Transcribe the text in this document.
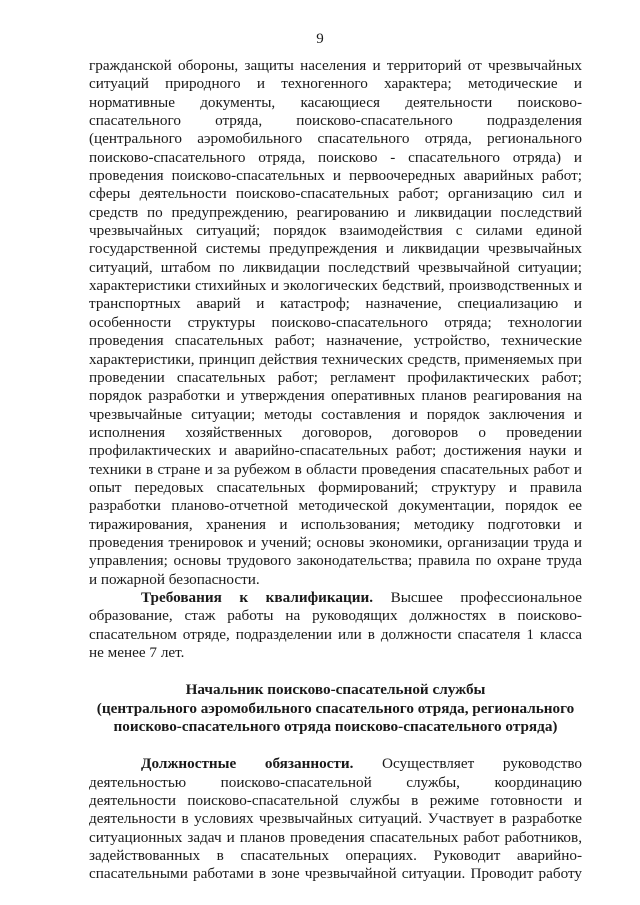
9
гражданской обороны, защиты населения и территорий от чрезвычайных
ситуаций природного и техногенного характера; методические и
нормативные документы, касающиеся деятельности поисково-
спасательного отряда, поисково-спасательного подразделения
(центрального аэромобильного спасательного отряда, регионального
поисково-спасательного отряда, поисково - спасательного отряда) и
проведения поисково-спасательных и первоочередных аварийных работ;
сферы деятельности поисково-спасательных работ; организацию сил и
средств по предупреждению, реагированию и ликвидации последствий
чрезвычайных ситуаций; порядок взаимодействия с силами единой
государственной системы предупреждения и ликвидации чрезвычайных
ситуаций, штабом по ликвидации последствий чрезвычайной ситуации;
характеристики стихийных и экологических бедствий, производственных и
транспортных аварий и катастроф; назначение, специализацию и
особенности структуры поисково-спасательного отряда; технологии
проведения спасательных работ; назначение, устройство, технические
характеристики, принцип действия технических средств, применяемых при
проведении спасательных работ; регламент профилактических работ;
порядок разработки и утверждения оперативных планов реагирования на
чрезвычайные ситуации; методы составления и порядок заключения и
исполнения хозяйственных договоров, договоров о проведении
профилактических и аварийно-спасательных работ; достижения науки и
техники в стране и за рубежом в области проведения спасательных работ и
опыт передовых спасательных формирований; структуру и правила
разработки планово-отчетной методической документации, порядок ее
тиражирования, хранения и использования; методику подготовки и
проведения тренировок и учений; основы экономики, организации труда и
управления; основы трудового законодательства; правила по охране труда
и пожарной безопасности.
Требования к квалификации. Высшее профессиональное
образование, стаж работы на руководящих должностях в поисково-
спасательном отряде, подразделении или в должности спасателя 1 класса
не менее 7 лет.
Начальник поисково-спасательной службы
(центрального аэромобильного спасательного отряда, регионального
поисково-спасательного отряда поисково-спасательного отряда)
Должностные обязанности. Осуществляет руководство
деятельностью поисково-спасательной службы, координацию
деятельности поисково-спасательной службы в режиме готовности и
деятельности в условиях чрезвычайных ситуаций. Участвует в разработке
ситуационных задач и планов проведения спасательных работ работников,
задействованных в спасательных операциях. Руководит аварийно-
спасательными работами в зоне чрезвычайной ситуации. Проводит работу
